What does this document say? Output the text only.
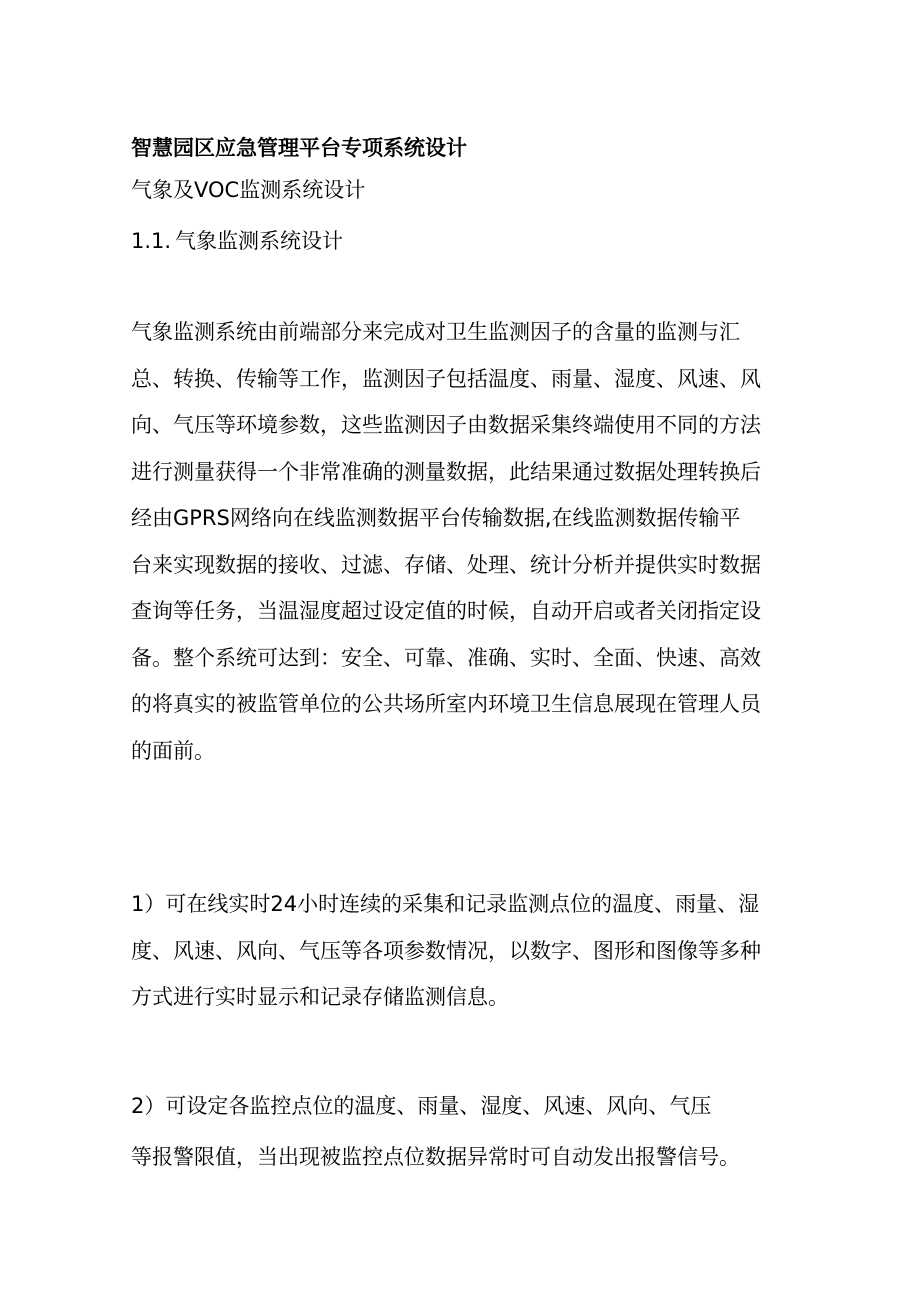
智慧园区应急管理平台专项系统设计
气象及VOC监测系统设计
1.1. 气象监测系统设计
气象监测系统由前端部分来完成对卫生监测因子的含量的监测与汇
总、转换、传输等工作，监测因子包括温度、雨量、湿度、风速、风
向、气压等环境参数，这些监测因子由数据采集终端使用不同的方法
进行测量获得一个非常准确的测量数据，此结果通过数据处理转换后
经由GPRS网络向在线监测数据平台传输数据,在线监测数据传输平
台来实现数据的接收、过滤、存储、处理、统计分析并提供实时数据
查询等任务，当温湿度超过设定值的时候，自动开启或者关闭指定设
备。整个系统可达到：安全、可靠、准确、实时、全面、快速、高效
的将真实的被监管单位的公共场所室内环境卫生信息展现在管理人员
的面前。
1）可在线实时24小时连续的采集和记录监测点位的温度、雨量、湿
度、风速、风向、气压等各项参数情况，以数字、图形和图像等多种
方式进行实时显示和记录存储监测信息。
2）可设定各监控点位的温度、雨量、湿度、风速、风向、气压
等报警限值，当出现被监控点位数据异常时可自动发出报警信号。
